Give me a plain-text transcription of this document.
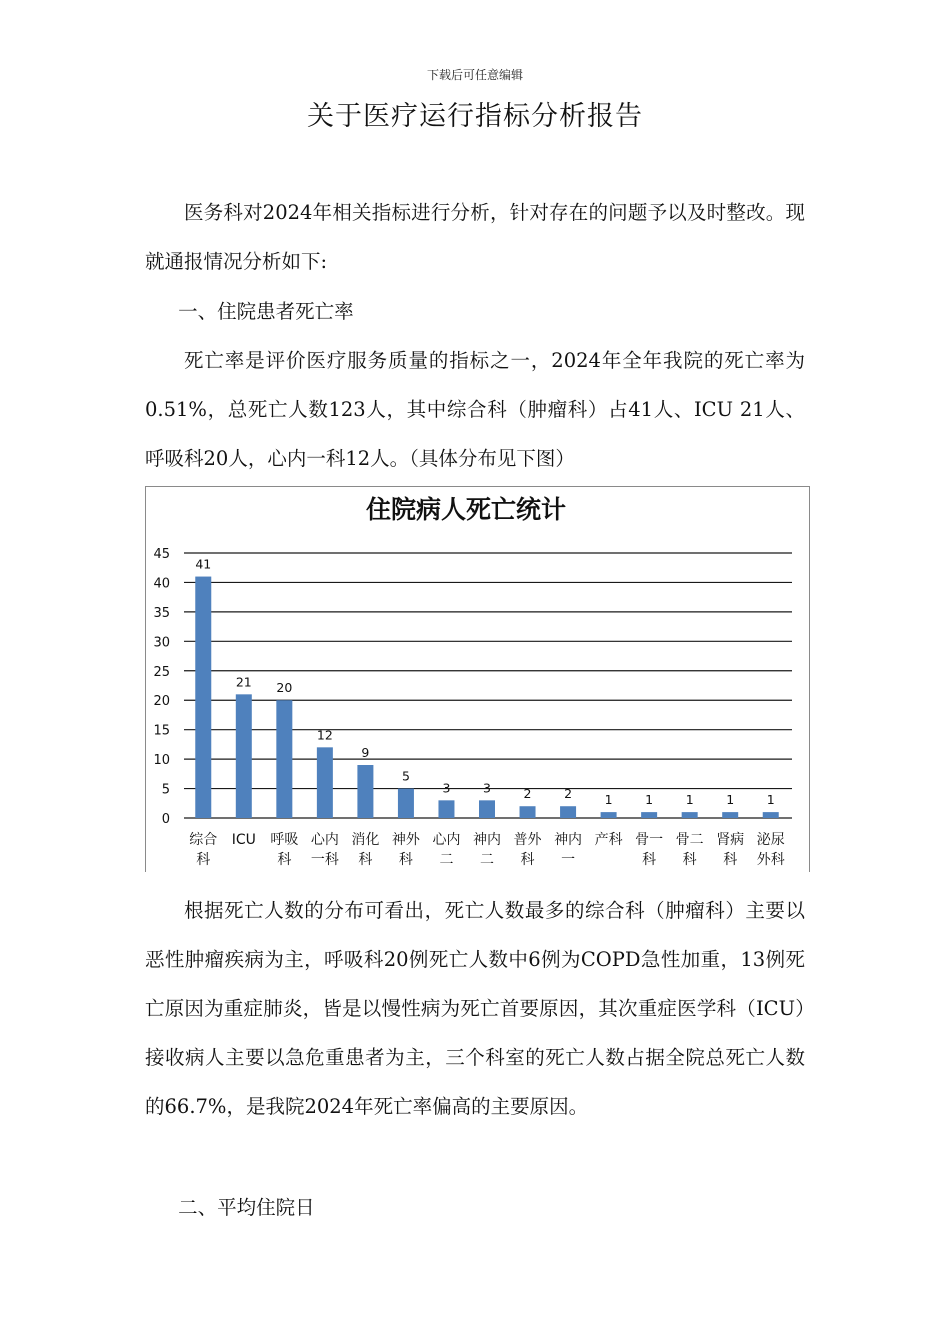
下载后可任意编辑
关于医疗运行指标分析报告

医务科对2024年相关指标进行分析，针对存在的问题予以及时整改。现就通报情况分析如下:

一、住院患者死亡率

死亡率是评价医疗服务质量的指标之一，2024年全年我院的死亡率为0.51%，总死亡人数123人，其中综合科（肿瘤科）占41人、ICU 21人、呼吸科20人，心内一科12人。（具体分布见下图）

住院病人死亡统计
0
5
10
15
20
25
30
35
40
45
41
21 20
12
9
5
3	3	2	2	1	1	1	1	1
综合
科
ICU 呼吸
科
心内
一科
消化
科
神外
科
心内
二
神内
二
普外
科
神内
一
产科 骨一
科
骨二
科
肾病
科
泌尿
外科

根据死亡人数的分布可看出，死亡人数最多的综合科（肿瘤科）主要以恶性肿瘤疾病为主，呼吸科20例死亡人数中6例为COPD急性加重，13例死亡原因为重症肺炎，皆是以慢性病为死亡首要原因，其次重症医学科（ICU）接收病人主要以急危重患者为主，三个科室的死亡人数占据全院总死亡人数的66.7%，是我院2024年死亡率偏高的主要原因。

二、平均住院日
